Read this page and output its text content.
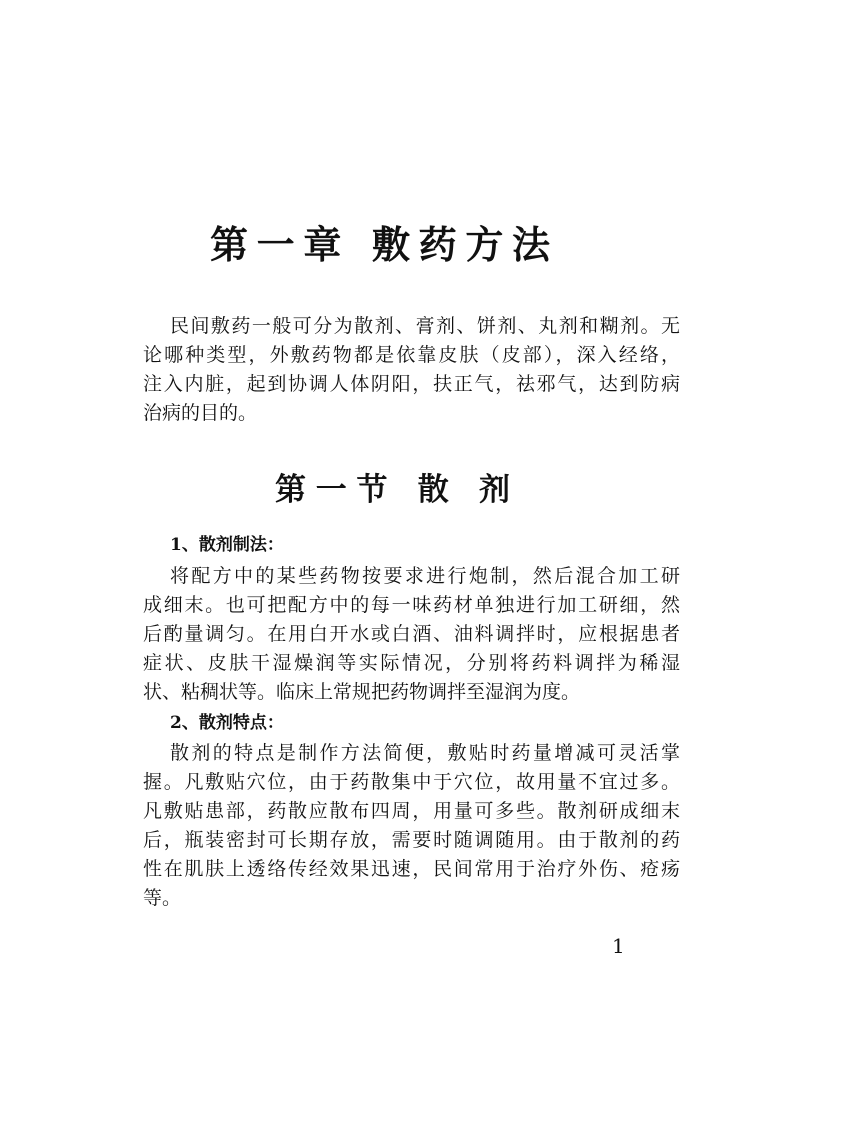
第一章 敷药方法
民间敷药一般可分为散剂、膏剂、饼剂、丸剂和糊剂。无
论哪种类型，外敷药物都是依靠皮肤（皮部），深入经络，
注入内脏，起到协调人体阴阳，扶正气，祛邪气，达到防病
治病的目的。
第一节 散 剂
1、散剂制法：
将配方中的某些药物按要求进行炮制，然后混合加工研
成细末。也可把配方中的每一味药材单独进行加工研细，然
后酌量调匀。在用白开水或白酒、油料调拌时，应根据患者
症状、皮肤干湿燥润等实际情况，分别将药料调拌为稀湿
状、粘稠状等。临床上常规把药物调拌至湿润为度。
2、散剂特点：
散剂的特点是制作方法简便，敷贴时药量增减可灵活掌
握。凡敷贴穴位，由于药散集中于穴位，故用量不宜过多。
凡敷贴患部，药散应散布四周，用量可多些。散剂研成细末
后，瓶装密封可长期存放，需要时随调随用。由于散剂的药
性在肌肤上透络传经效果迅速，民间常用于治疗外伤、疮疡
等。
1
